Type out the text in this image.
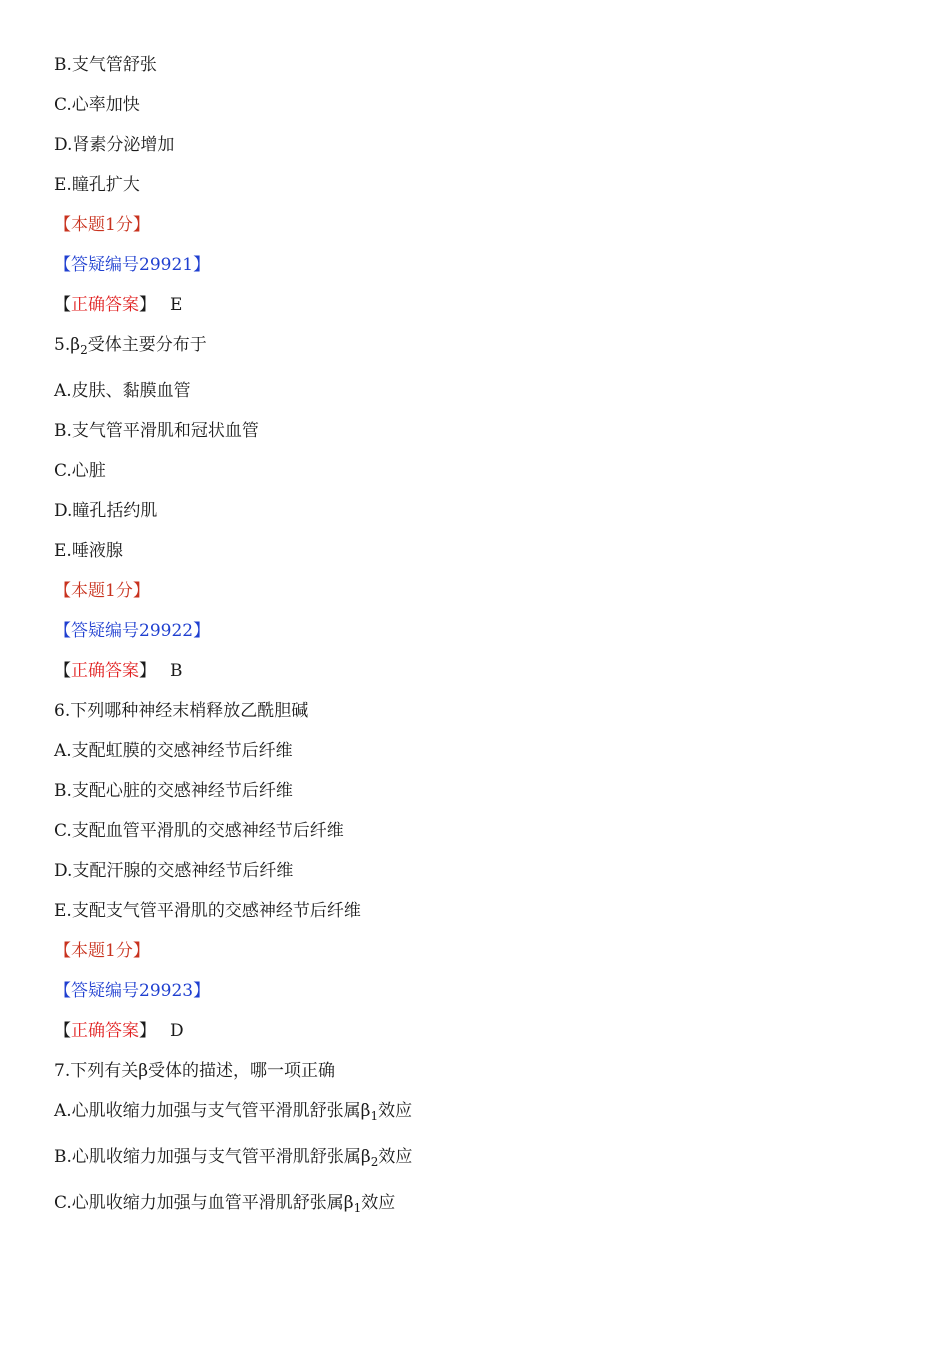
B.支气管舒张
C.心率加快
D.肾素分泌增加
E.瞳孔扩大
【本题1分】
【答疑编号29921】
【正确答案】 E
$5.\beta_2$受体主要分布于
A.皮肤、黏膜血管
B.支气管平滑肌和冠状血管
C.心脏
D.瞳孔括约肌
E.唾液腺
【本题1分】
【答疑编号29922】
【正确答案】 B
6.下列哪种神经末梢释放乙酰胆碱
A.支配虹膜的交感神经节后纤维
B.支配心脏的交感神经节后纤维
C.支配血管平滑肌的交感神经节后纤维
D.支配汗腺的交感神经节后纤维
E.支配支气管平滑肌的交感神经节后纤维
【本题1分】
【答疑编号29923】
【正确答案】 D
7.下列有关β受体的描述，哪一项正确
A.心肌收缩力加强与支气管平滑肌舒张属$\beta_1$效应
B.心肌收缩力加强与支气管平滑肌舒张属$\beta_2$效应
C.心肌收缩力加强与血管平滑肌舒张属$\beta_1$效应
